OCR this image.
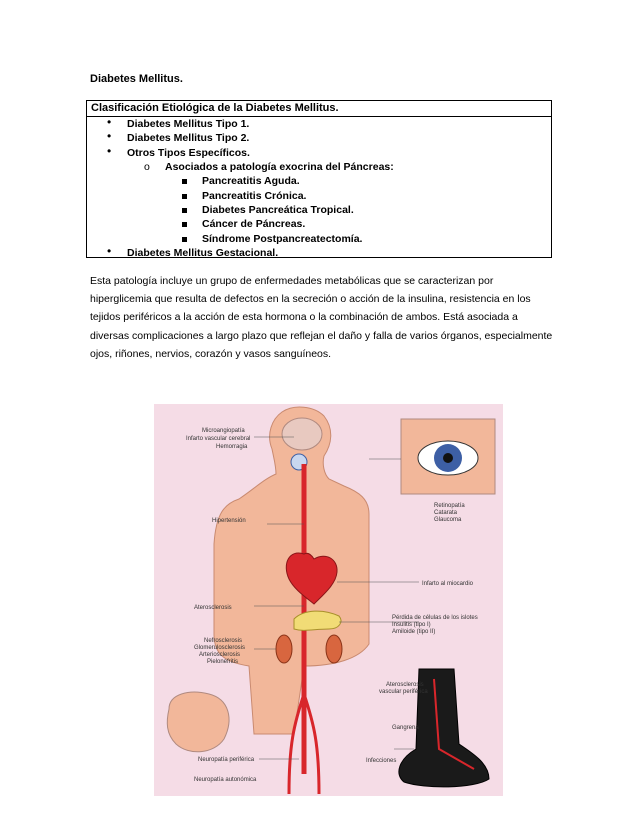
Diabetes Mellitus.
Clasificación Etiológica de la Diabetes Mellitus.
• Diabetes Mellitus Tipo 1.
• Diabetes Mellitus Tipo 2.
• Otros Tipos Específicos.
o Asociados a patología exocrina del Páncreas:
Pancreatitis Aguda.
Pancreatitis Crónica.
Diabetes Pancreática Tropical.
Cáncer de Páncreas.
Síndrome Postpancreatectomía.
• Diabetes Mellitus Gestacional.
Esta patología incluye un grupo de enfermedades metabólicas que se caracterizan por
hiperglicemia que resulta de defectos en la secreción o acción de la insulina, resistencia en los
tejidos periféricos a la acción de esta hormona o la combinación de ambos. Está asociada a
diversas complicaciones a largo plazo que reflejan el daño y falla de varios órganos, especialmente
ojos, riñones, nervios, corazón y vasos sanguíneos.
Microangiopatía
Infarto vascular cerebral
Hemorragia
Hipertensión
Retinopatía
Catarata
Glaucoma
Infarto al miocardio
Aterosclerosis
Pérdida de células de los islotes
Insulitis (tipo I)
Amiloide (tipo II)
Nefrosclerosis
Glomerulosclerosis
Arteriosclerosis
Pielonefritis
Aterosclerosis
vascular periférica
Gangrena
Infecciones
Neuropatía periférica
Neuropatía autonómica
